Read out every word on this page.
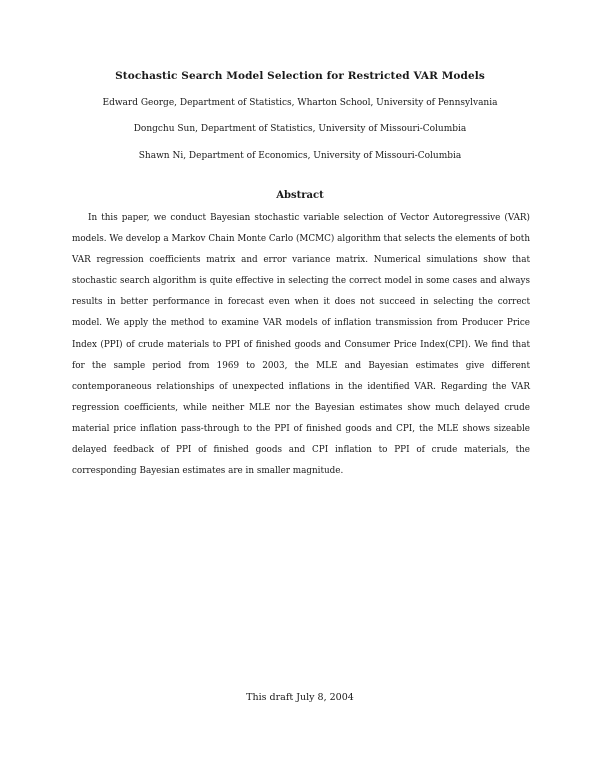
Stochastic Search Model Selection for Restricted VAR Models
Edward George, Department of Statistics, Wharton School, University of Pennsylvania
Dongchu Sun, Department of Statistics, University of Missouri-Columbia
Shawn Ni, Department of Economics, University of Missouri-Columbia
Abstract

In this paper, we conduct Bayesian stochastic variable selection of Vector Autoregressive (VAR) models. We develop a Markov Chain Monte Carlo (MCMC) algorithm that selects the elements of both VAR regression coefficients matrix and error variance matrix. Numerical simulations show that stochastic search algorithm is quite effective in selecting the correct model in some cases and always results in better performance in forecast even when it does not succeed in selecting the correct model. We apply the method to examine VAR models of inflation transmission from Producer Price Index (PPI) of crude materials to PPI of finished goods and Consumer Price Index(CPI). We find that for the sample period from 1969 to 2003, the MLE and Bayesian estimates give different contemporaneous relationships of unexpected inflations in the identified VAR. Regarding the VAR regression coefficients, while neither MLE nor the Bayesian estimates show much delayed crude material price inflation pass-through to the PPI of finished goods and CPI, the MLE shows sizeable delayed feedback of PPI of finished goods and CPI inflation to PPI of crude materials, the corresponding Bayesian estimates are in smaller magnitude.

This draft July 8, 2004
